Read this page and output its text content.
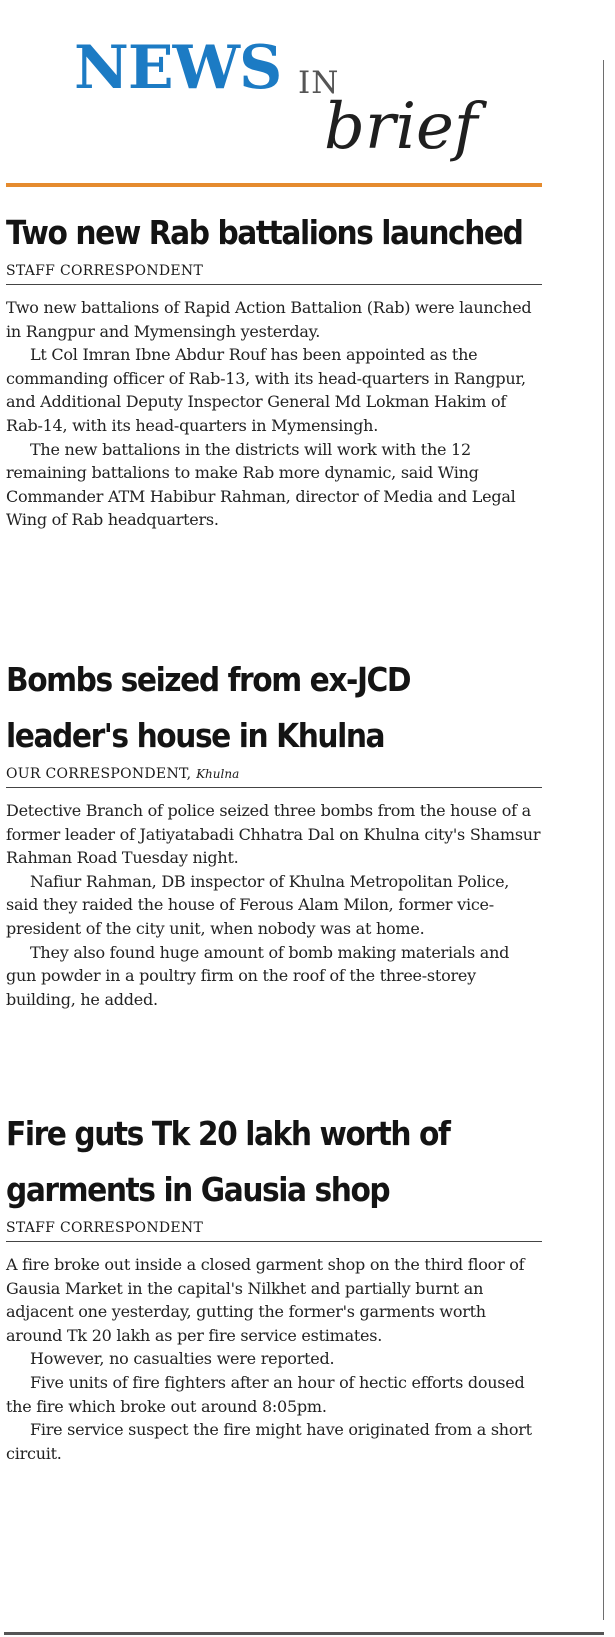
NEWS IN
brief
Two new Rab battalions launched
STAFF CORRESPONDENT

Two new battalions of Rapid Action Battalion (Rab) were launched in Rangpur and Mymensingh yesterday.

Lt Col Imran Ibne Abdur Rouf has been appointed as the commanding officer of Rab-13, with its head-quarters in Rangpur, and Additional Deputy Inspector General Md Lokman Hakim of Rab-14, with its head-quarters in Mymensingh.

The new battalions in the districts will work with the 12 remaining battalions to make Rab more dynamic, said Wing Commander ATM Habibur Rahman, director of Media and Legal Wing of Rab headquarters.

Bombs seized from ex-JCD
leader's house in Khulna
OUR CORRESPONDENT, Khulna

Detective Branch of police seized three bombs from the house of a former leader of Jatiyatabadi Chhatra Dal on Khulna city's Shamsur Rahman Road Tuesday night.

Nafiur Rahman, DB inspector of Khulna Metropolitan Police, said they raided the house of Ferous Alam Milon, former vice-president of the city unit, when nobody was at home.

They also found huge amount of bomb making materials and gun powder in a poultry firm on the roof of the three-storey building, he added.

Fire guts Tk 20 lakh worth of
garments in Gausia shop
STAFF CORRESPONDENT

A fire broke out inside a closed garment shop on the third floor of Gausia Market in the capital's Nilkhet and partially burnt an adjacent one yesterday, gutting the former's garments worth around Tk 20 lakh as per fire service estimates.

However, no casualties were reported.

Five units of fire fighters after an hour of hectic efforts doused the fire which broke out around 8:05pm.

Fire service suspect the fire might have originated from a short circuit.
